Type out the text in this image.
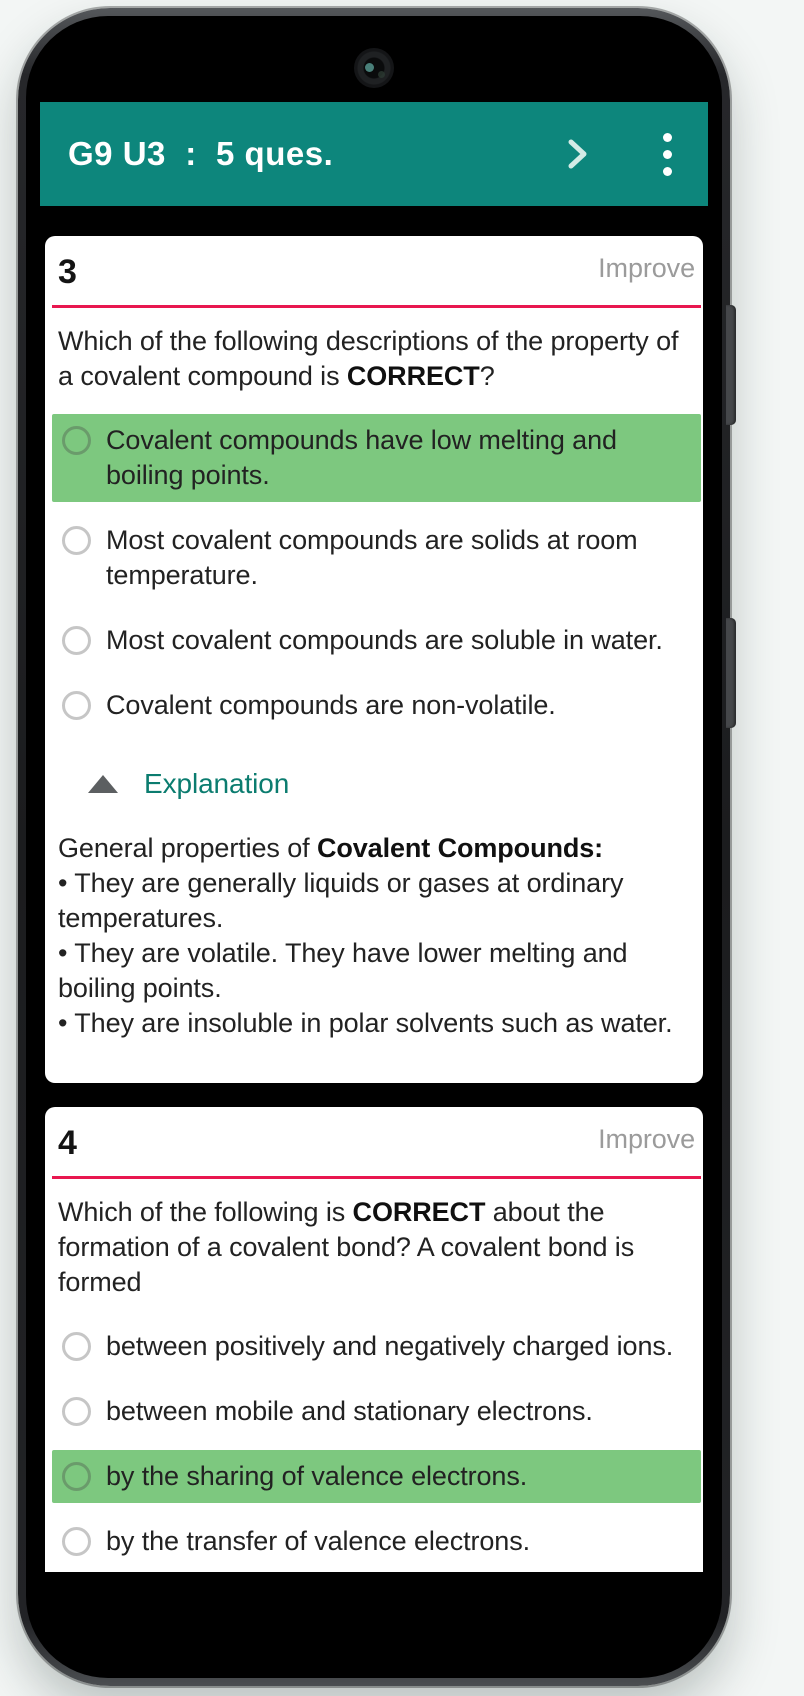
G9 U3  :  5 ques.
3	Improve
Which of the following descriptions of the property of a covalent compound is CORRECT?
Covalent compounds have low melting and boiling points.
Most covalent compounds are solids at room temperature.
Most covalent compounds are soluble in water.
Covalent compounds are non-volatile.
Explanation
General properties of Covalent Compounds:
• They are generally liquids or gases at ordinary temperatures.
• They are volatile. They have lower melting and boiling points.
• They are insoluble in polar solvents such as water.
4	Improve
Which of the following is CORRECT about the formation of a covalent bond? A covalent bond is formed
between positively and negatively charged ions.
between mobile and stationary electrons.
by the sharing of valence electrons.
by the transfer of valence electrons.
